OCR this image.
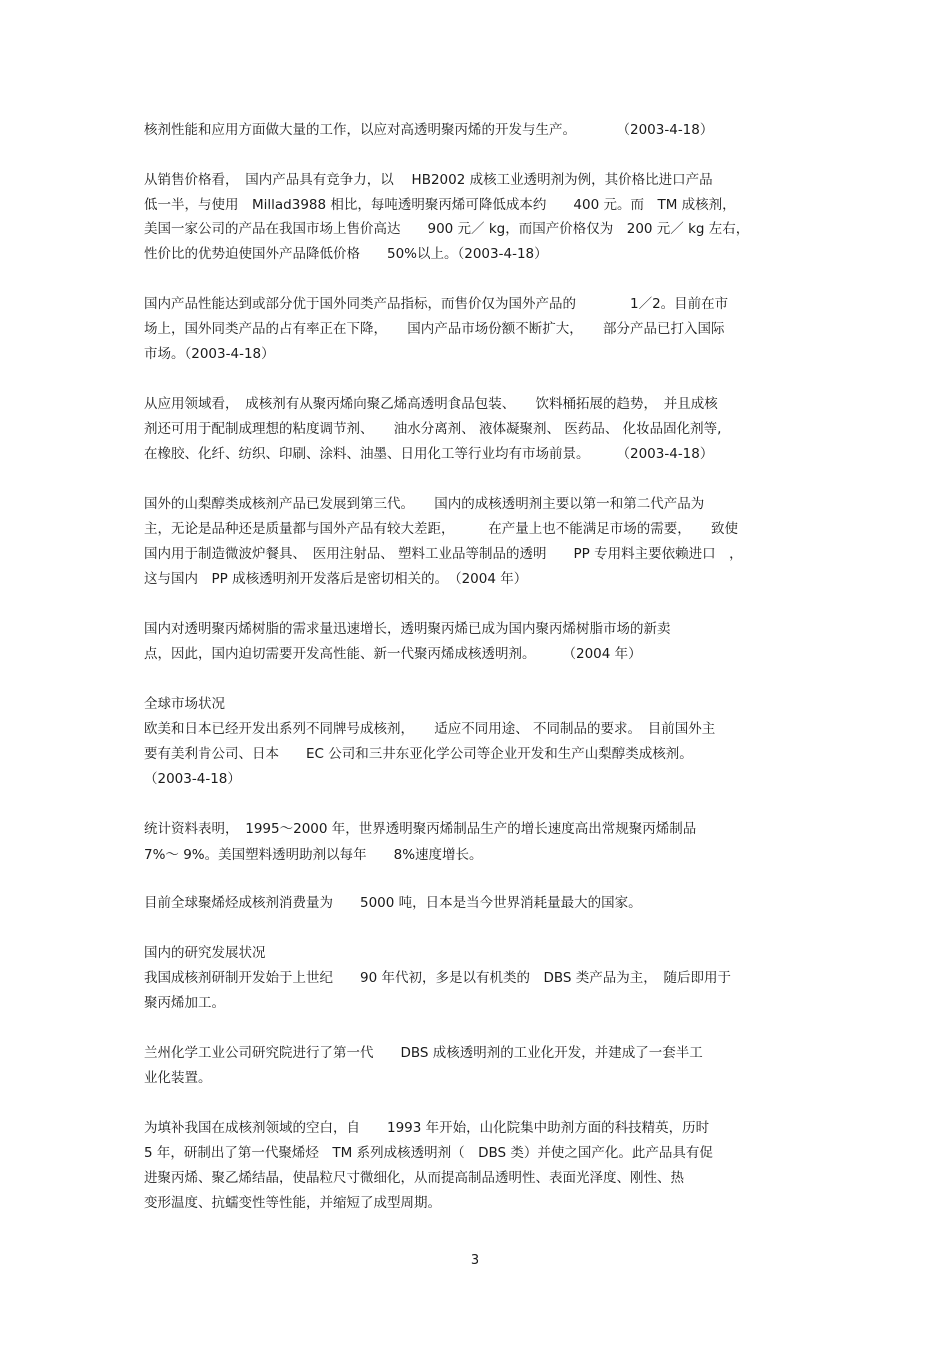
核剂性能和应用方面做大量的工作，以应对高透明聚丙烯的开发与生产。　　　　（2003-4-18）
从销售价格看，　国内产品具有竞争力，以　 HB2002 成核工业透明剂为例，其价格比进口产品
低一半，与使用　Millad3988 相比，每吨透明聚丙烯可降低成本约　　400 元。而　TM 成核剂，
美国一家公司的产品在我国市场上售价高达　　900 元／ kg，而国产价格仅为　200 元／ kg 左右，
性价比的优势迫使国外产品降低价格　　50%以上。（2003-4-18）
国内产品性能达到或部分优于国外同类产品指标，而售价仅为国外产品的　　　　1／2。目前在市
场上，国外同类产品的占有率正在下降，　　国内产品市场份额不断扩大，　　部分产品已打入国际
市场。（2003-4-18）
从应用领域看，　成核剂有从聚丙烯向聚乙烯高透明食品包装、　　饮料桶拓展的趋势，　并且成核
剂还可用于配制成理想的粘度调节剂、　　油水分离剂、 液体凝聚剂、 医药品、 化妆品固化剂等,
在橡胶、化纤、纺织、印刷、涂料、油墨、日用化工等行业均有市场前景。　　　（2003-4-18）
国外的山梨醇类成核剂产品已发展到第三代。　　国内的成核透明剂主要以第一和第二代产品为
主，无论是品种还是质量都与国外产品有较大差距，　　　在产量上也不能满足市场的需要，　　致使
国内用于制造微波炉餐具、　医用注射品、 塑料工业品等制品的透明　　PP 专用料主要依赖进口　，
这与国内　PP 成核透明剂开发落后是密切相关的。　（2004 年）
国内对透明聚丙烯树脂的需求量迅速增长，透明聚丙烯已成为国内聚丙烯树脂市场的新卖
点，因此，国内迫切需要开发高性能、新一代聚丙烯成核透明剂。　　　（2004 年）
全球市场状况
欧美和日本已经开发出系列不同牌号成核剂，　　适应不同用途、 不同制品的要求。　目前国外主
要有美利肯公司、日本　　EC 公司和三井东亚化学公司等企业开发和生产山梨醇类成核剂。
（2003-4-18）
统计资料表明，　1995～2000 年，世界透明聚丙烯制品生产的增长速度高出常规聚丙烯制品
7%～ 9%。美国塑料透明助剂以每年　　8%速度增长。
目前全球聚烯烃成核剂消费量为　　5000 吨，日本是当今世界消耗量最大的国家。
国内的研究发展状况
我国成核剂研制开发始于上世纪　　90 年代初，多是以有机类的　DBS 类产品为主，　随后即用于
聚丙烯加工。
兰州化学工业公司研究院进行了第一代　　DBS 成核透明剂的工业化开发，并建成了一套半工
业化装置。
为填补我国在成核剂领域的空白，自　　1993 年开始，山化院集中助剂方面的科技精英，历时
5 年，研制出了第一代聚烯烃　TM 系列成核透明剂（　DBS 类）并使之国产化。此产品具有促
进聚丙烯、聚乙烯结晶，使晶粒尺寸微细化，从而提高制品透明性、表面光泽度、刚性、热
变形温度、抗蠕变性等性能，并缩短了成型周期。
3
